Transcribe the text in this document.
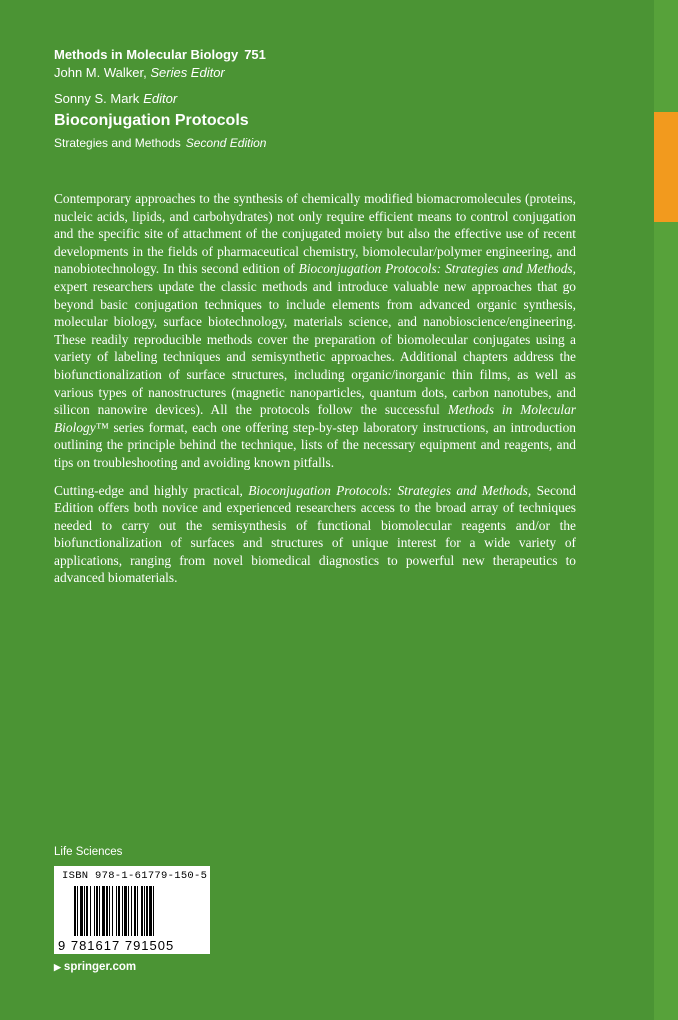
Methods in Molecular Biology 751
John M. Walker, Series Editor
Sonny S. Mark Editor
Bioconjugation Protocols
Strategies and Methods Second Edition

Contemporary approaches to the synthesis of chemically modified biomacromolecules (proteins, nucleic acids, lipids, and carbohydrates) not only require efficient means to control conjugation and the specific site of attachment of the conjugated moiety but also the effective use of recent developments in the fields of pharmaceutical chemistry, biomolecular/polymer engineering, and nanobiotechnology. In this second edition of Bioconjugation Protocols: Strategies and Methods, expert researchers update the classic methods and introduce valuable new approaches that go beyond basic conjugation techniques to include elements from advanced organic synthesis, molecular biology, surface biotechnology, materials science, and nanobioscience/engineering. These readily reproducible methods cover the preparation of biomolecular conjugates using a variety of labeling techniques and semisynthetic approaches. Additional chapters address the biofunctionalization of surface structures, including organic/inorganic thin films, as well as various types of nanostructures (magnetic nanoparticles, quantum dots, carbon nanotubes, and silicon nanowire devices). All the protocols follow the successful Methods in Molecular Biology™ series format, each one offering step-by-step laboratory instructions, an introduction outlining the principle behind the technique, lists of the necessary equipment and reagents, and tips on troubleshooting and avoiding known pitfalls.

Cutting-edge and highly practical, Bioconjugation Protocols: Strategies and Methods, Second Edition offers both novice and experienced researchers access to the broad array of techniques needed to carry out the semisynthesis of functional biomolecular reagents and/or the biofunctionalization of surfaces and structures of unique interest for a wide variety of applications, ranging from novel biomedical diagnostics to powerful new therapeutics to advanced biomaterials.

Life Sciences
ISBN 978-1-61779-150-5
9 781617 791505
▶ springer.com
